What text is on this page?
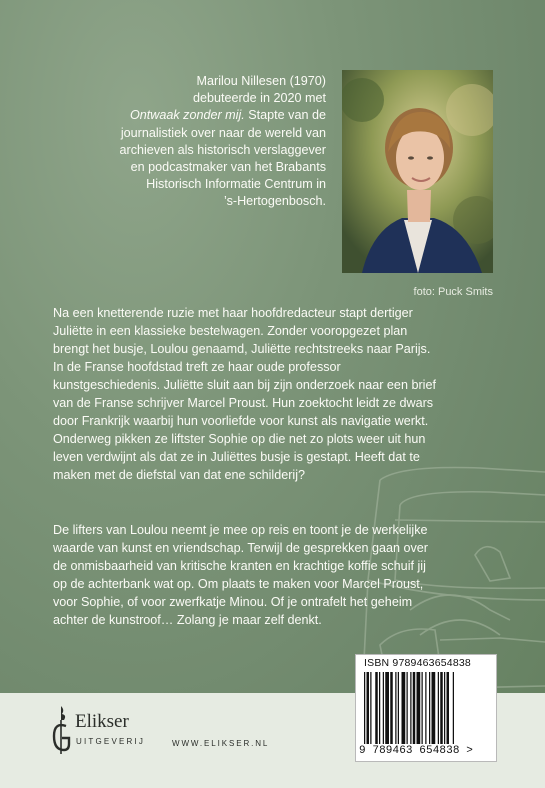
Marilou Nillesen (1970)
debuteerde in 2020 met
Ontwaak zonder mij. Stapte van de
journalistiek over naar de wereld van
archieven als historisch verslaggever
en podcastmaker van het Brabants
Historisch Informatie Centrum in
’s-Hertogenbosch.
foto: Puck Smits
Na een knetterende ruzie met haar hoofdredacteur stapt dertiger
Juliëtte in een klassieke bestelwagen. Zonder vooropgezet plan
brengt het busje, Loulou genaamd, Juliëtte rechtstreeks naar Parijs.
In de Franse hoofdstad treft ze haar oude professor
kunstgeschiedenis. Juliëtte sluit aan bij zijn onderzoek naar een brief
van de Franse schrijver Marcel Proust. Hun zoektocht leidt ze dwars
door Frankrijk waarbij hun voorliefde voor kunst als navigatie werkt.
Onderweg pikken ze liftster Sophie op die net zo plots weer uit hun
leven verdwijnt als dat ze in Juliëttes busje is gestapt. Heeft dat te
maken met de diefstal van dat ene schilderij?
De lifters van Loulou neemt je mee op reis en toont je de werkelijke
waarde van kunst en vriendschap. Terwijl de gesprekken gaan over
de onmisbaarheid van kritische kranten en krachtige koffie schuif jij
op de achterbank wat op. Om plaats te maken voor Marcel Proust,
voor Sophie, of voor zwerfkatje Minou. Of je ontrafelt het geheim
achter de kunstroof… Zolang je maar zelf denkt.
Elikser
UITGEVERIJ	WWW.ELIKSER.NL
ISBN 9789463654838
9 789463 654838 >
